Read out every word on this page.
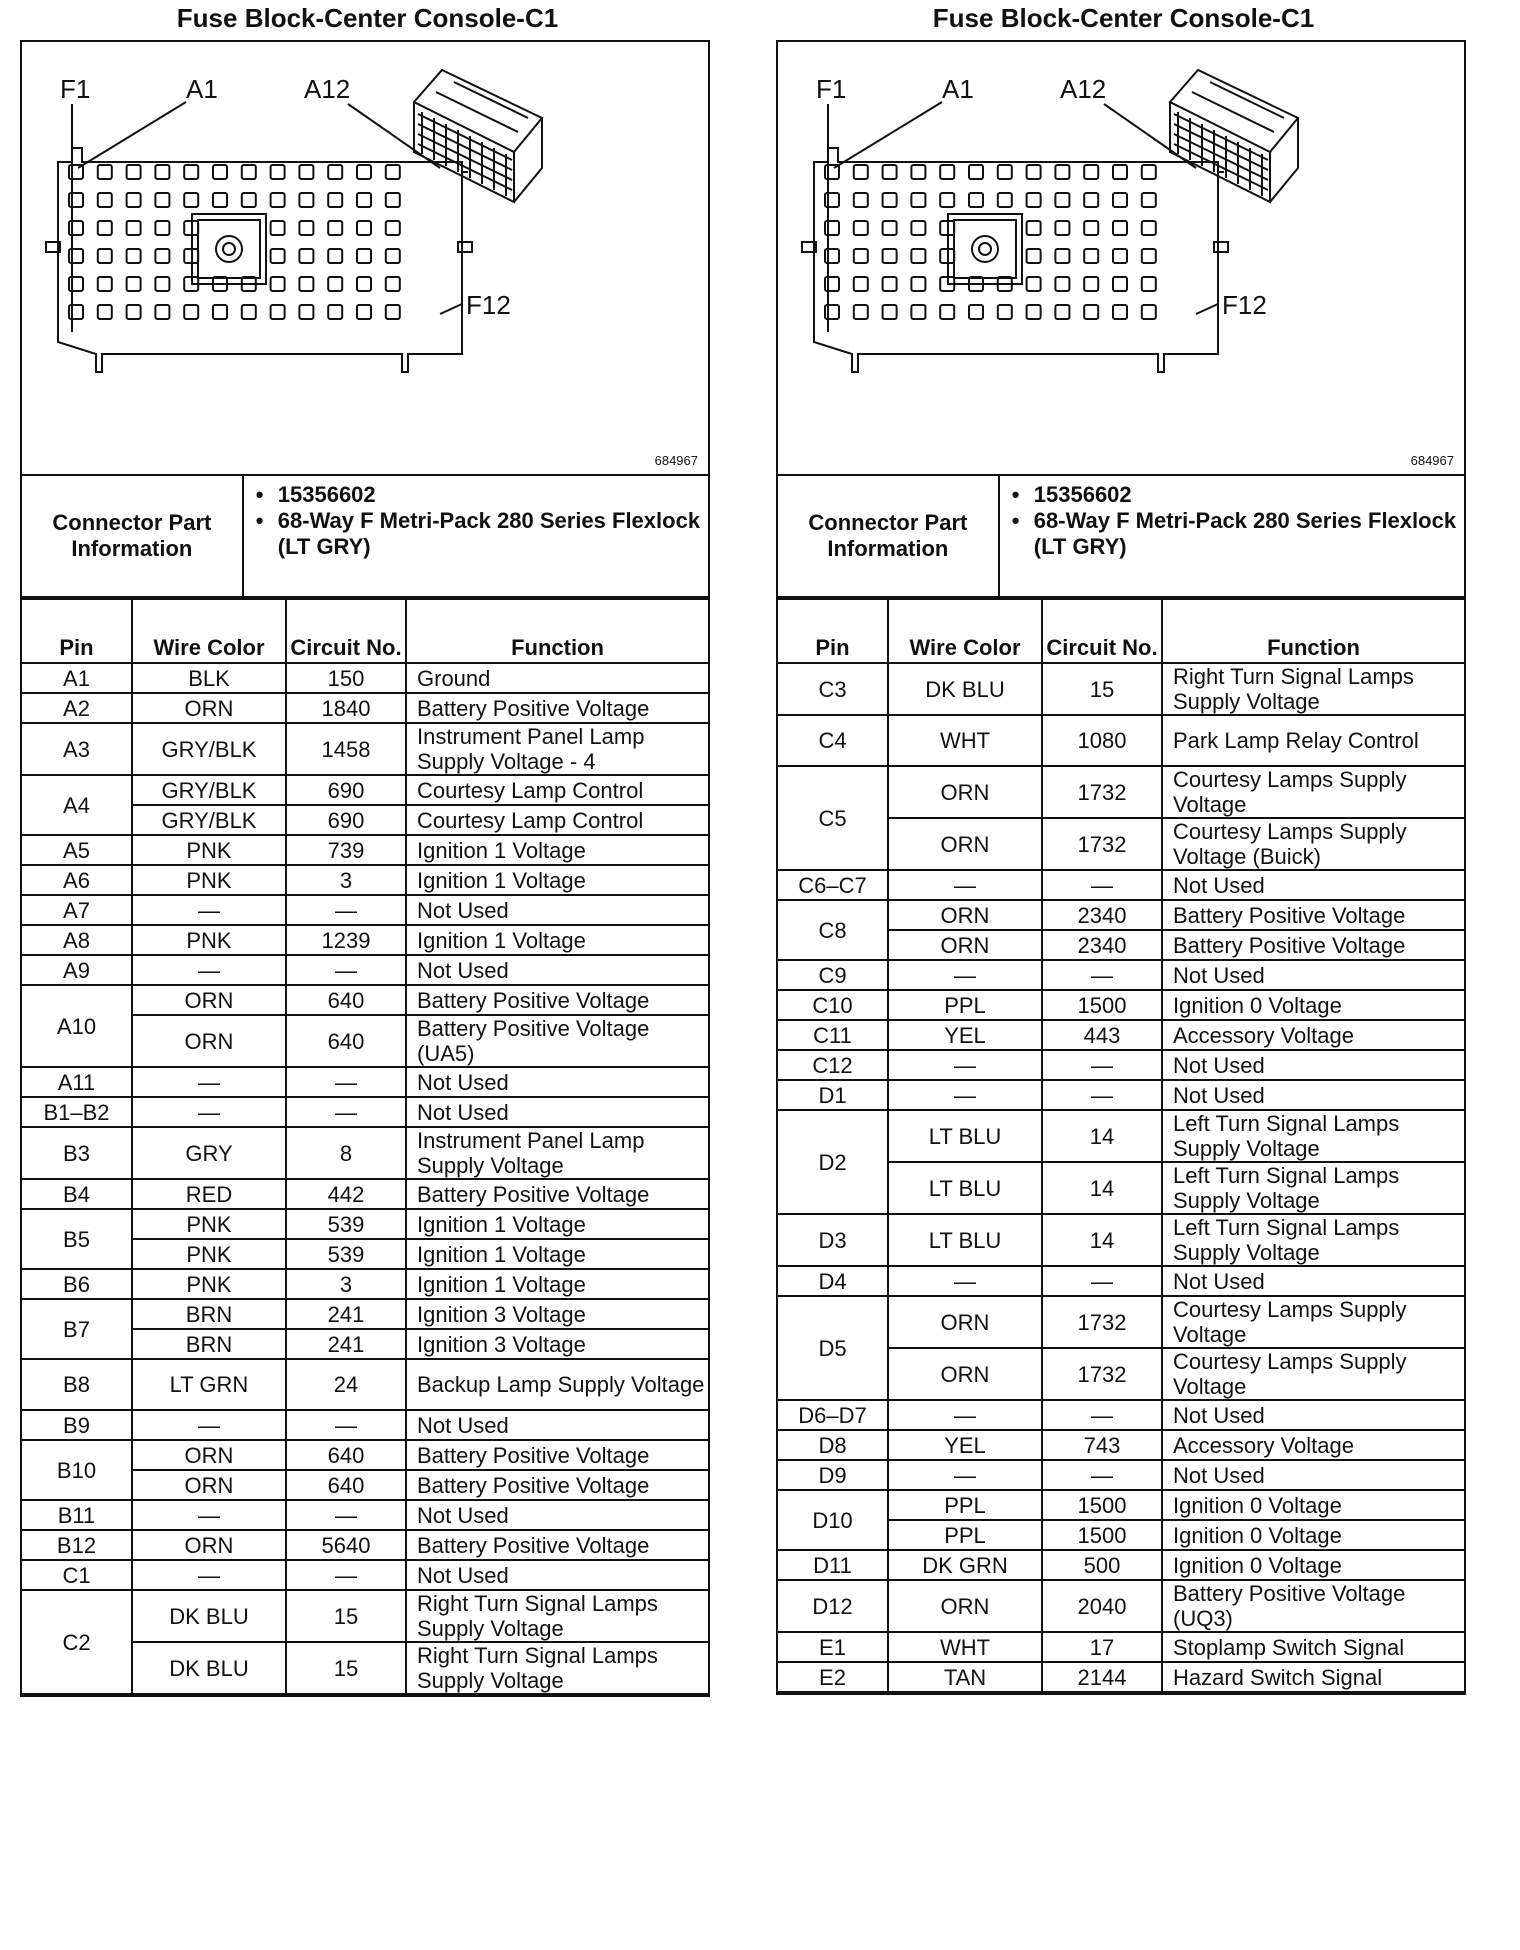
Fuse Block-Center Console-C1
F1	A1	A12
F12
684967
Connector Part Information
• 15356602
• 68-Way F Metri-Pack 280 Series Flexlock (LT GRY)
Pin	Wire Color	Circuit No.	Function
A1	BLK	150	Ground
A2	ORN	1840	Battery Positive Voltage
A3	GRY/BLK	1458	Instrument Panel Lamp Supply Voltage - 4
A4	GRY/BLK	690	Courtesy Lamp Control
	GRY/BLK	690	Courtesy Lamp Control
A5	PNK	739	Ignition 1 Voltage
A6	PNK	3	Ignition 1 Voltage
A7	—	—	Not Used
A8	PNK	1239	Ignition 1 Voltage
A9	—	—	Not Used
A10	ORN	640	Battery Positive Voltage
	ORN	640	Battery Positive Voltage (UA5)
A11	—	—	Not Used
B1–B2	—	—	Not Used
B3	GRY	8	Instrument Panel Lamp Supply Voltage
B4	RED	442	Battery Positive Voltage
B5	PNK	539	Ignition 1 Voltage
	PNK	539	Ignition 1 Voltage
B6	PNK	3	Ignition 1 Voltage
B7	BRN	241	Ignition 3 Voltage
	BRN	241	Ignition 3 Voltage
B8	LT GRN	24	Backup Lamp Supply Voltage
B9	—	—	Not Used
B10	ORN	640	Battery Positive Voltage
	ORN	640	Battery Positive Voltage
B11	—	—	Not Used
B12	ORN	5640	Battery Positive Voltage
C1	—	—	Not Used
C2	DK BLU	15	Right Turn Signal Lamps Supply Voltage
	DK BLU	15	Right Turn Signal Lamps Supply Voltage
Fuse Block-Center Console-C1
F1	A1	A12
F12
684967
Connector Part Information
• 15356602
• 68-Way F Metri-Pack 280 Series Flexlock (LT GRY)
Pin	Wire Color	Circuit No.	Function
C3	DK BLU	15	Right Turn Signal Lamps Supply Voltage
C4	WHT	1080	Park Lamp Relay Control
C5	ORN	1732	Courtesy Lamps Supply Voltage
	ORN	1732	Courtesy Lamps Supply Voltage (Buick)
C6–C7	—	—	Not Used
C8	ORN	2340	Battery Positive Voltage
	ORN	2340	Battery Positive Voltage
C9	—	—	Not Used
C10	PPL	1500	Ignition 0 Voltage
C11	YEL	443	Accessory Voltage
C12	—	—	Not Used
D1	—	—	Not Used
D2	LT BLU	14	Left Turn Signal Lamps Supply Voltage
	LT BLU	14	Left Turn Signal Lamps Supply Voltage
D3	LT BLU	14	Left Turn Signal Lamps Supply Voltage
D4	—	—	Not Used
D5	ORN	1732	Courtesy Lamps Supply Voltage
	ORN	1732	Courtesy Lamps Supply Voltage
D6–D7	—	—	Not Used
D8	YEL	743	Accessory Voltage
D9	—	—	Not Used
D10	PPL	1500	Ignition 0 Voltage
	PPL	1500	Ignition 0 Voltage
D11	DK GRN	500	Ignition 0 Voltage
D12	ORN	2040	Battery Positive Voltage (UQ3)
E1	WHT	17	Stoplamp Switch Signal
E2	TAN	2144	Hazard Switch Signal
